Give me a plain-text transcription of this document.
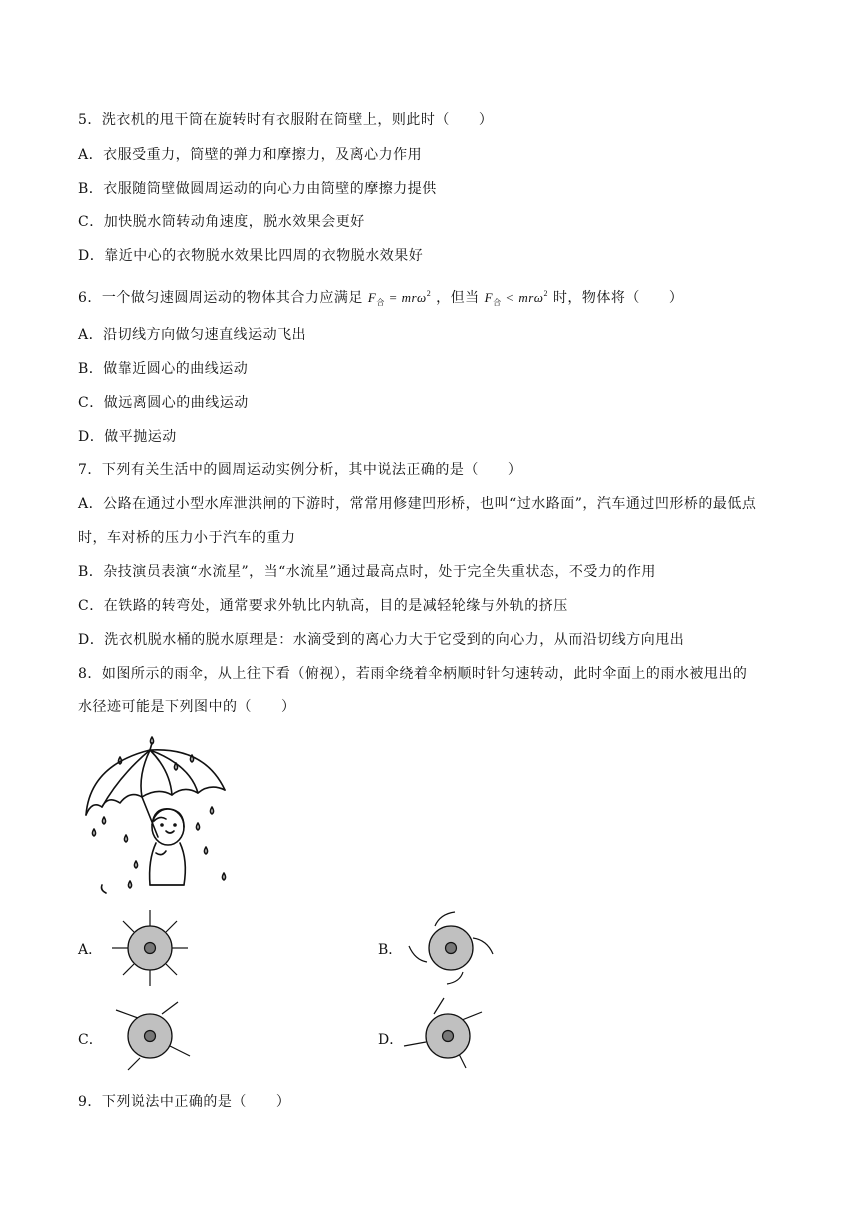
5．洗衣机的甩干筒在旋转时有衣服附在筒壁上，则此时（　　）
A．衣服受重力，筒壁的弹力和摩擦力，及离心力作用
B．衣服随筒壁做圆周运动的向心力由筒壁的摩擦力提供
C．加快脱水筒转动角速度，脱水效果会更好
D．靠近中心的衣物脱水效果比四周的衣物脱水效果好
6．一个做匀速圆周运动的物体其合力应满足 $F_合 = mr\omega^2$ ，但当 $F_合 < mr\omega^2$ 时，物体将（　　）
A．沿切线方向做匀速直线运动飞出
B．做靠近圆心的曲线运动
C．做远离圆心的曲线运动
D．做平抛运动
7．下列有关生活中的圆周运动实例分析，其中说法正确的是（　　）
A．公路在通过小型水库泄洪闸的下游时，常常用修建凹形桥，也叫“过水路面”，汽车通过凹形桥的最低点
时，车对桥的压力小于汽车的重力
B．杂技演员表演“水流星”，当“水流星”通过最高点时，处于完全失重状态，不受力的作用
C．在铁路的转弯处，通常要求外轨比内轨高，目的是减轻轮缘与外轨的挤压
D．洗衣机脱水桶的脱水原理是：水滴受到的离心力大于它受到的向心力，从而沿切线方向甩出
8．如图所示的雨伞，从上往下看（俯视），若雨伞绕着伞柄顺时针匀速转动，此时伞面上的雨水被甩出的
水径迹可能是下列图中的（　　）
A．	B．
C．	D．
9．下列说法中正确的是（　　）
